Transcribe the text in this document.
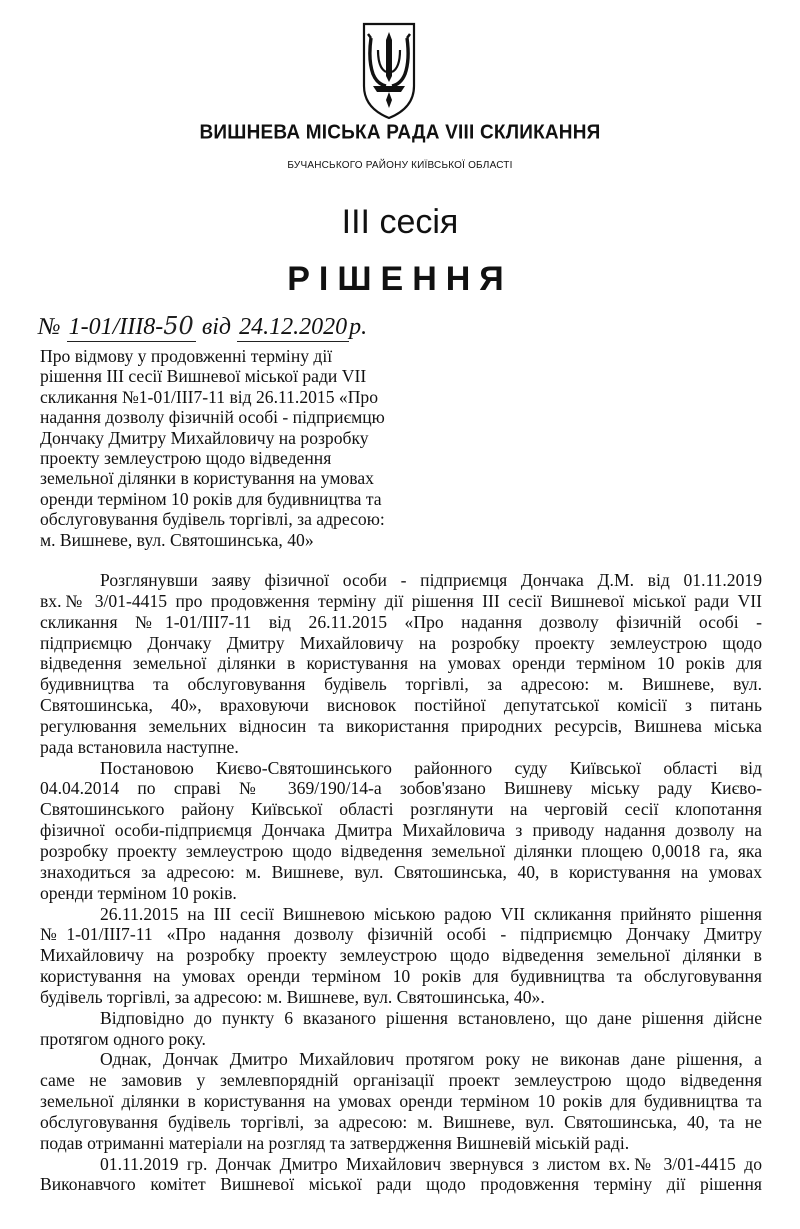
ВИШНЕВА МІСЬКА РАДА VIII СКЛИКАННЯ
БУЧАНСЬКОГО РАЙОНУ КИЇВСЬКОЇ ОБЛАСТІ
ІІІ сесія
РІШЕННЯ
№ 1-01/ІІІ8-50 від 24.12.2020р.
Про відмову у продовженні терміну дії
рішення ІІІ сесії Вишневої міської ради VII
скликання №1-01/ІІІ7-11 від 26.11.2015 «Про
надання дозволу фізичній особі - підприємцю
Дончаку Дмитру Михайловичу на розробку
проекту землеустрою щодо відведення
земельної ділянки в користування на умовах
оренди терміном 10 років для будивництва та
обслуговування будівель торгівлі, за адресою:
м. Вишневе, вул. Святошинська, 40»
Розглянувши заяву фізичної особи - підприємця Дончака Д.М. від 01.11.2019
вх.№ 3/01-4415 про продовження терміну дії рішення ІІІ сесії Вишневої міської ради VII
скликання №1-01/ІІІ7-11 від 26.11.2015 «Про надання дозволу фізичній особі -
підприємцю Дончаку Дмитру Михайловичу на розробку проекту землеустрою щодо
відведення земельної ділянки в користування на умовах оренди терміном 10 років для
будивництва та обслуговування будівель торгівлі, за адресою: м. Вишневе, вул.
Святошинська, 40», враховуючи висновок постійної депутатської комісії з питань
регулювання земельних відносин та використання природних ресурсів, Вишнева міська
рада встановила наступне.
Постановою Києво-Святошинського районного суду Київської області від
04.04.2014 по справі № 369/190/14-а зобов'язано Вишневу міську раду Києво-
Святошинського району Київської області розглянути на черговій сесії клопотання
фізичної особи-підприємця Дончака Дмитра Михайловича з приводу надання дозволу на
розробку проекту землеустрою щодо відведення земельної ділянки площею 0,0018 га, яка
знаходиться за адресою: м. Вишневе, вул. Святошинська, 40, в користування на умовах
оренди терміном 10 років.
26.11.2015 на ІІІ сесії Вишневою міською радою VII скликання прийнято рішення
№1-01/ІІІ7-11 «Про надання дозволу фізичній особі - підприємцю Дончаку Дмитру
Михайловичу на розробку проекту землеустрою щодо відведення земельної ділянки в
користування на умовах оренди терміном 10 років для будивництва та обслуговування
будівель торгівлі, за адресою: м. Вишневе, вул. Святошинська, 40».
Відповідно до пункту 6 вказаного рішення встановлено, що дане рішення дійсне
протягом одного року.
Однак, Дончак Дмитро Михайлович протягом року не виконав дане рішення, а
саме не замовив у землевпорядній організації проект землеустрою щодо відведення
земельної ділянки в користування на умовах оренди терміном 10 років для будивництва та
обслуговування будівель торгівлі, за адресою: м. Вишневе, вул. Святошинська, 40, та не
подав отриманні матеріали на розгляд та затвердження Вишневій міській раді.
01.11.2019 гр. Дончак Дмитро Михайлович звернувся з листом вх.№ 3/01-4415 до
Виконавчого комітет Вишневої міської ради щодо продовження терміну дії рішення
